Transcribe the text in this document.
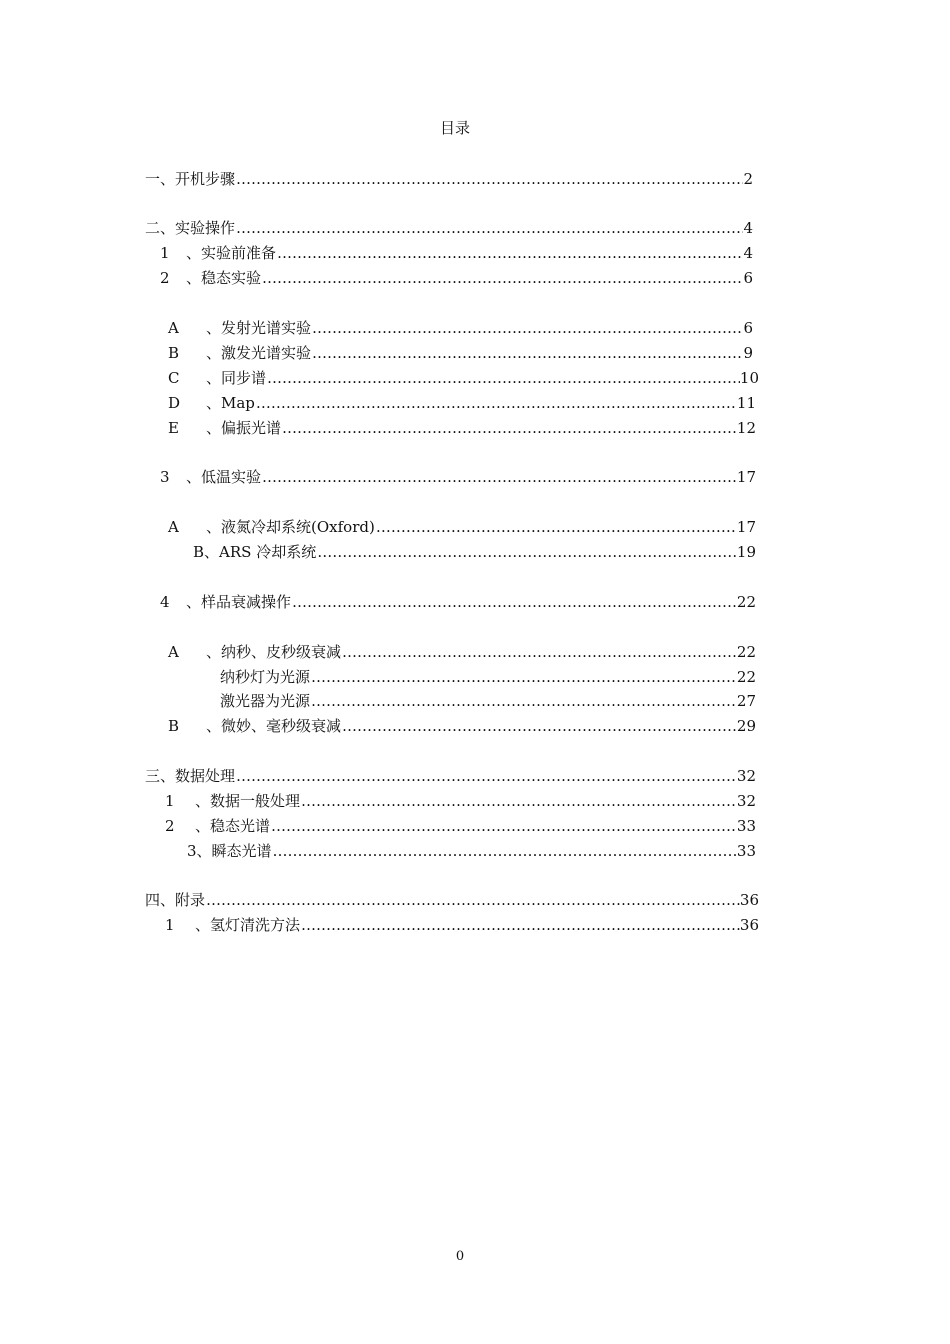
目录
一、开机步骤 ……………………………………………………………………………………………………………………………………………………………	2
二、实验操作 ……………………………………………………………………………………………………………………………………………………………	4
1	、实验前准备 ……………………………………………………………………………………………………………………………………………………………	4
2	、稳态实验 ……………………………………………………………………………………………………………………………………………………………	6
A	、发射光谱实验 ……………………………………………………………………………………………………………………………………………………………	6
B	、激发光谱实验 ……………………………………………………………………………………………………………………………………………………………	9
C	、同步谱 ……………………………………………………………………………………………………………………………………………………………	10
D	、Map ……………………………………………………………………………………………………………………………………………………………	11
E	、偏振光谱 ……………………………………………………………………………………………………………………………………………………………	12
3	、低温实验 ……………………………………………………………………………………………………………………………………………………………	17
A	、液氮冷却系统(Oxford) ……………………………………………………………………………………………………………………………………………………………	17
B、ARS 冷却系统 ……………………………………………………………………………………………………………………………………………………………	19
4	、样品衰减操作 ……………………………………………………………………………………………………………………………………………………………	22
A	、纳秒、皮秒级衰减 ……………………………………………………………………………………………………………………………………………………………	22
纳秒灯为光源 ……………………………………………………………………………………………………………………………………………………………	22
激光器为光源 ……………………………………………………………………………………………………………………………………………………………	27
B	、微妙、毫秒级衰减 ……………………………………………………………………………………………………………………………………………………………	29
三、数据处理 ……………………………………………………………………………………………………………………………………………………………	32
1	、数据一般处理 ……………………………………………………………………………………………………………………………………………………………	32
2	、稳态光谱 ……………………………………………………………………………………………………………………………………………………………	33
3、瞬态光谱 ……………………………………………………………………………………………………………………………………………………………	33
四、附录 ……………………………………………………………………………………………………………………………………………………………	36
1	、氢灯清洗方法 ……………………………………………………………………………………………………………………………………………………………	36
0
